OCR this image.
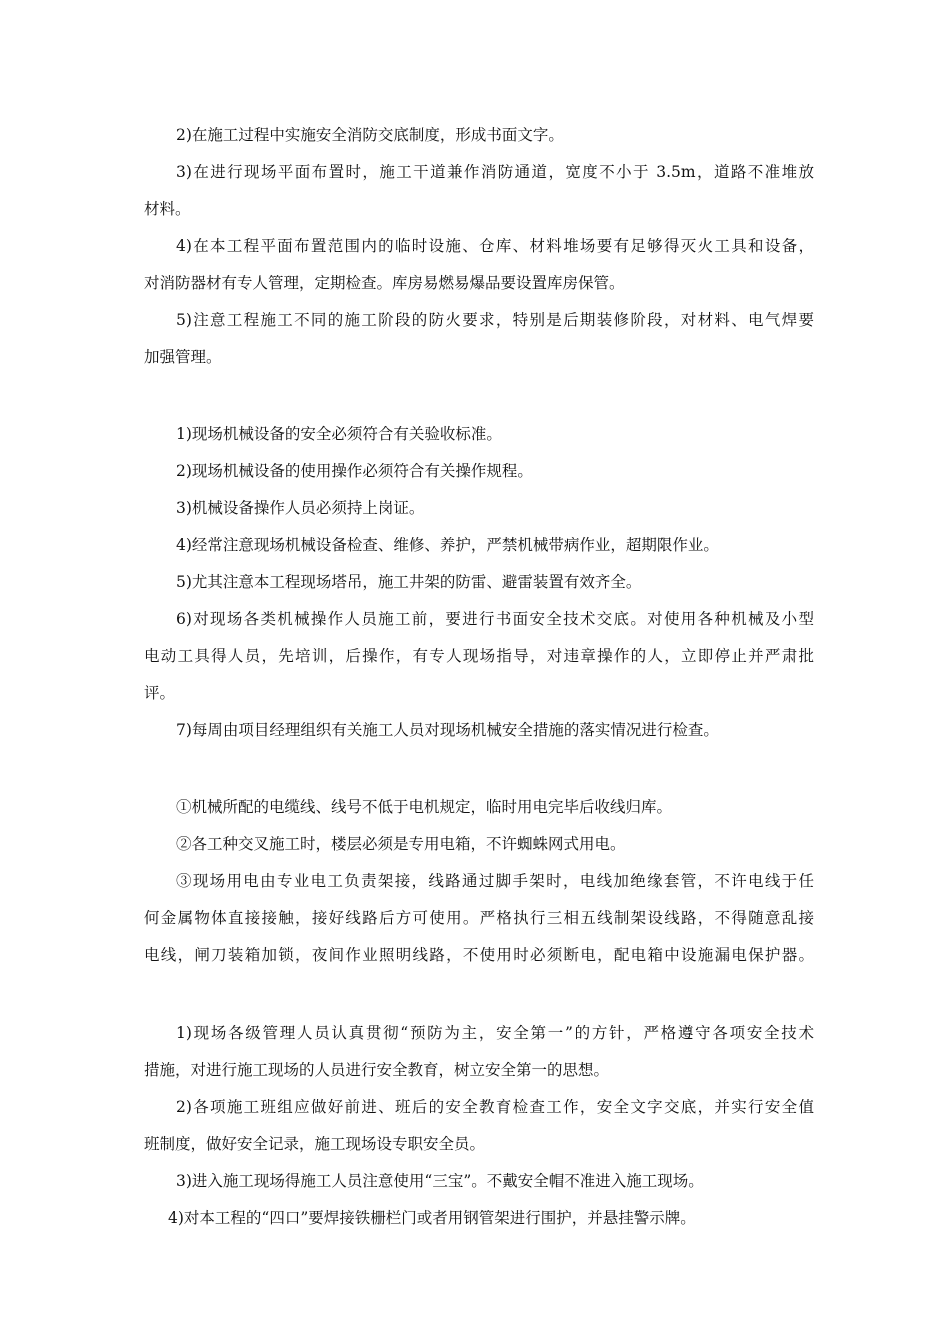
2)在施工过程中实施安全消防交底制度，形成书面文字。
3)在进行现场平面布置时，施工干道兼作消防通道，宽度不小于 3.5m，道路不准堆放
材料。
4)在本工程平面布置范围内的临时设施、仓库、材料堆场要有足够得灭火工具和设备，
对消防器材有专人管理，定期检查。库房易燃易爆品要设置库房保管。
5)注意工程施工不同的施工阶段的防火要求，特别是后期装修阶段，对材料、电气焊要
加强管理。
1)现场机械设备的安全必须符合有关验收标准。
2)现场机械设备的使用操作必须符合有关操作规程。
3)机械设备操作人员必须持上岗证。
4)经常注意现场机械设备检查、维修、养护，严禁机械带病作业，超期限作业。
5)尤其注意本工程现场塔吊，施工井架的防雷、避雷装置有效齐全。
6)对现场各类机械操作人员施工前，要进行书面安全技术交底。对使用各种机械及小型
电动工具得人员，先培训，后操作，有专人现场指导，对违章操作的人，立即停止并严肃批
评。
7)每周由项目经理组织有关施工人员对现场机械安全措施的落实情况进行检查。
①机械所配的电缆线、线号不低于电机规定，临时用电完毕后收线归库。
②各工种交叉施工时，楼层必须是专用电箱，不许蜘蛛网式用电。
③现场用电由专业电工负责架接，线路通过脚手架时，电线加绝缘套管，不许电线于任
何金属物体直接接触，接好线路后方可使用。严格执行三相五线制架设线路，不得随意乱接
电线，闸刀装箱加锁，夜间作业照明线路，不使用时必须断电，配电箱中设施漏电保护器。
1)现场各级管理人员认真贯彻“预防为主，安全第一”的方针，严格遵守各项安全技术
措施，对进行施工现场的人员进行安全教育，树立安全第一的思想。
2)各项施工班组应做好前进、班后的安全教育检查工作，安全文字交底，并实行安全值
班制度，做好安全记录，施工现场设专职安全员。
3)进入施工现场得施工人员注意使用“三宝”。不戴安全帽不准进入施工现场。
4)对本工程的“四口”要焊接铁栅栏门或者用钢管架进行围护，并悬挂警示牌。
